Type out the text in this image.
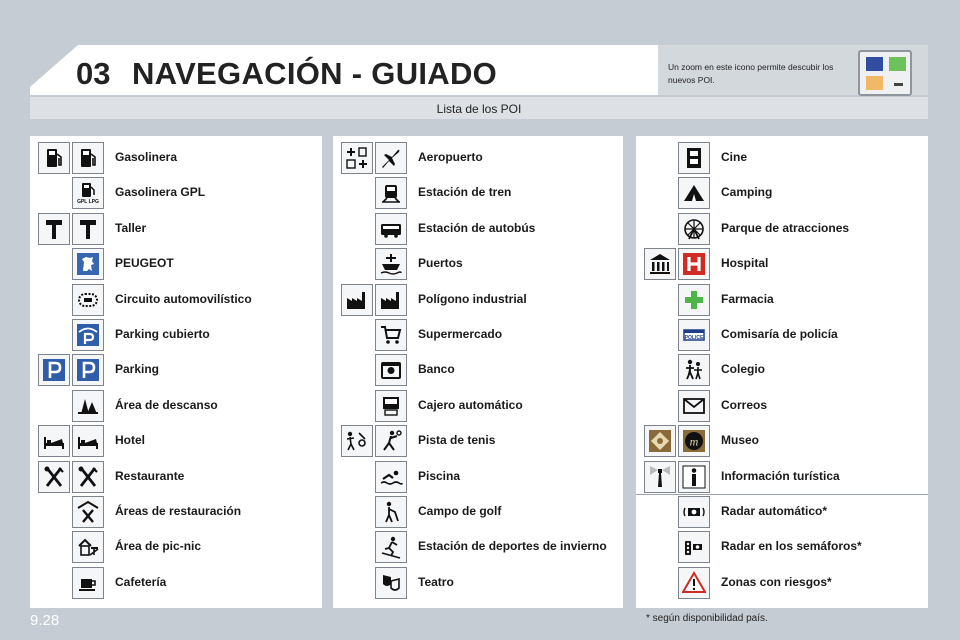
03 NAVEGACIÓN - GUIADO	Un zoom en este icono permite descubir los nuevos POI.
Lista de los POI
Gasolinera
GPL LPG
Gasolinera GPL
Taller
PEUGEOT
Circuito automovilístico
Parking cubierto
Parking
Área de descanso
Hotel
Restaurante
Áreas de restauración
Área de pic-nic
Cafetería
Aeropuerto
Estación de tren
Estación de autobús
Puertos
Polígono industrial
Supermercado
Banco
Cajero automático
Pista de tenis
Piscina
Campo de golf
Estación de deportes de invierno
Teatro
Cine
Camping
Parque de atracciones
Hospital
Farmacia
POLICE Comisaría de policía
Colegio
Correos
m Museo
Información turística
Radar automático*
Radar en los semáforos*
Zonas con riesgos*
* según disponibilidad país.
9.28
